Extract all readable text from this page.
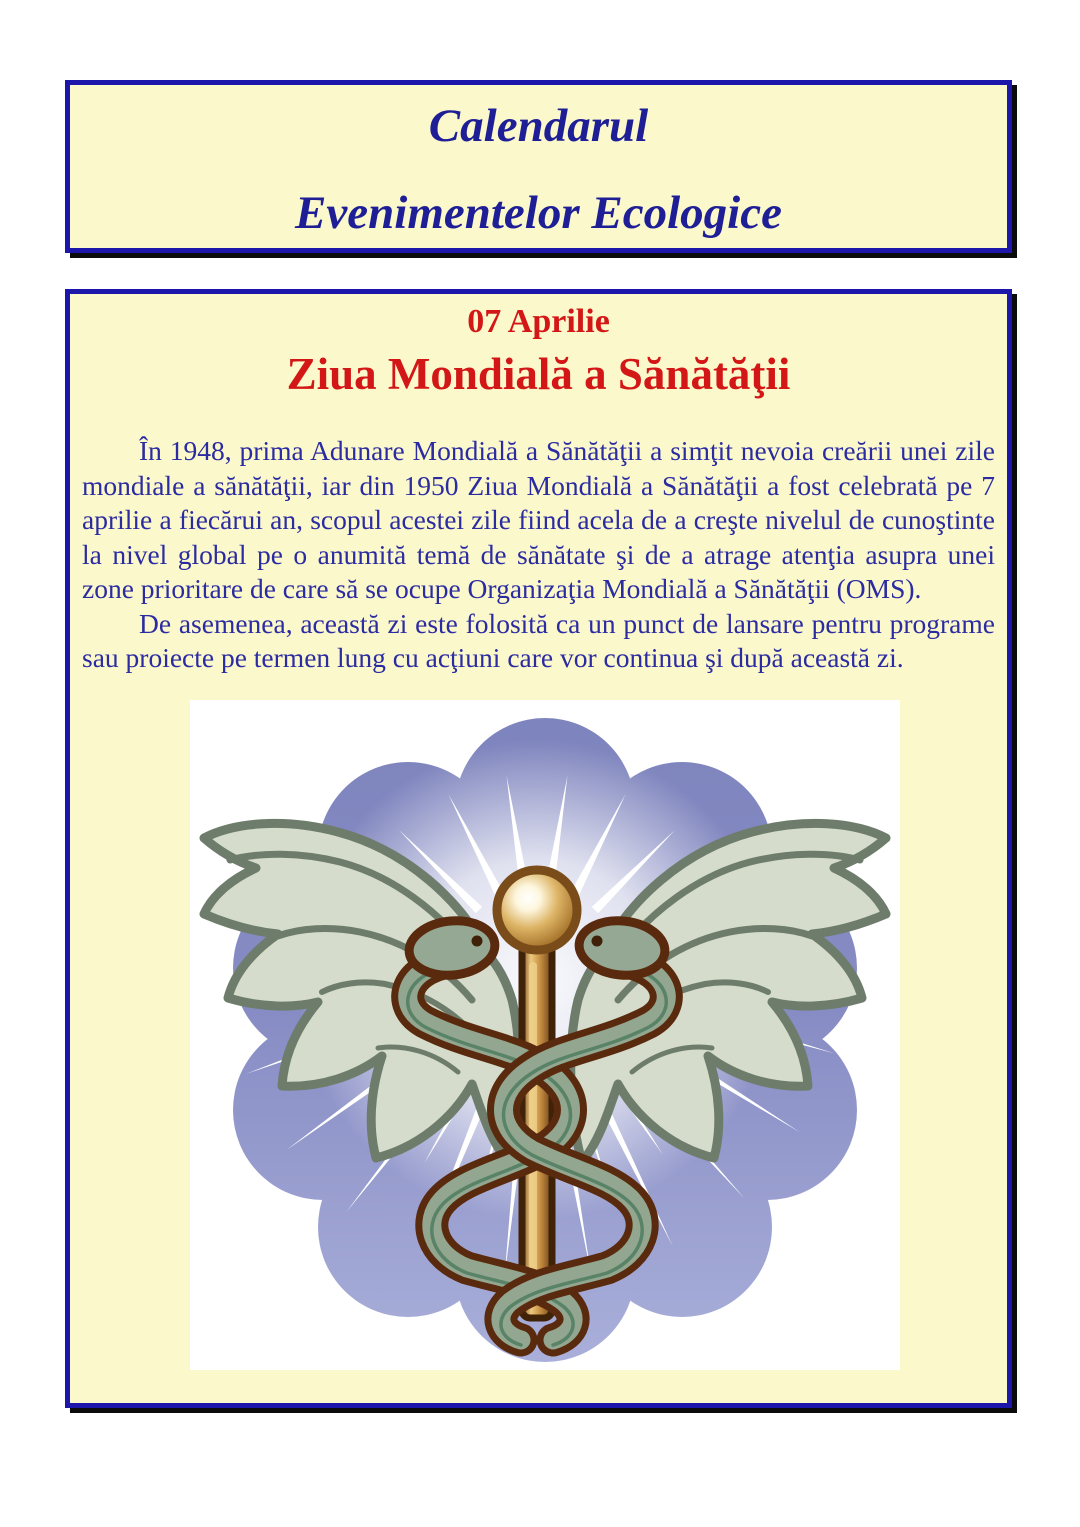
Calendarul
Evenimentelor Ecologice
07 Aprilie
Ziua Mondială a Sănătăţii

În 1948, prima Adunare Mondială a Sănătăţii a simţit nevoia creării unei zile mondiale a sănătăţii, iar din 1950 Ziua Mondială a Sănătăţii a fost celebrată pe 7 aprilie a fiecărui an, scopul acestei zile fiind acela de a creşte nivelul de cunoştinte la nivel global pe o anumită temă de sănătate şi de a atrage atenţia asupra unei zone prioritare de care să se ocupe Organizaţia Mondială a Sănătăţii (OMS).

De asemenea, această zi este folosită ca un punct de lansare pentru programe sau proiecte pe termen lung cu acţiuni care vor continua şi după această zi.
